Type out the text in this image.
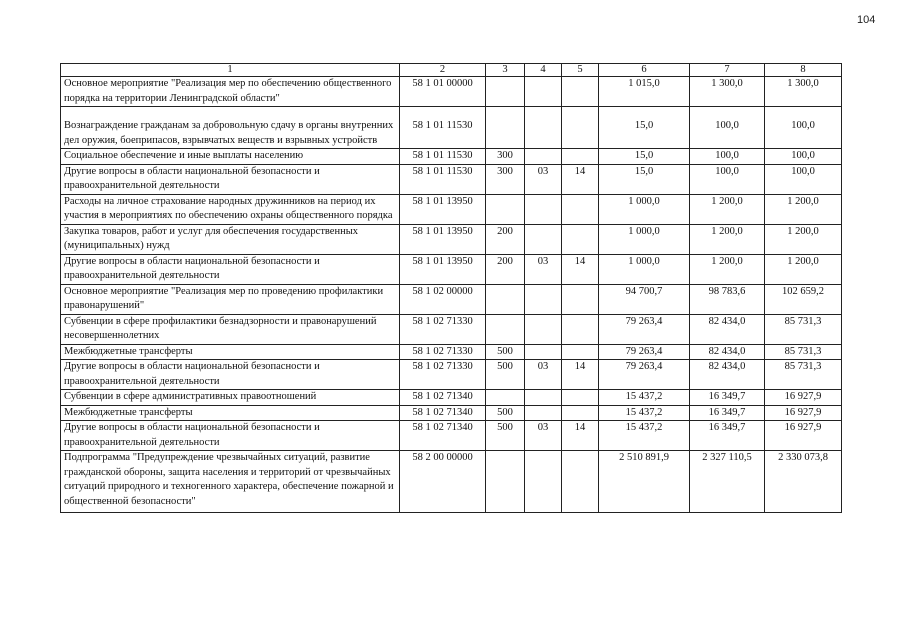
104
1	2	3	4	5	6	7	8
Основное мероприятие "Реализация мер по обеспечению общественного порядка на территории Ленинградской области"	58 1 01 00000				1 015,0	1 300,0	1 300,0
Вознаграждение гражданам за добровольную сдачу в органы внутренних дел оружия, боеприпасов, взрывчатых веществ и взрывных устройств	58 1 01 11530				15,0	100,0	100,0
Социальное обеспечение и иные выплаты населению	58 1 01 11530	300			15,0	100,0	100,0
Другие вопросы в области национальной безопасности и правоохранительной деятельности	58 1 01 11530	300	03	14	15,0	100,0	100,0
Расходы на личное страхование народных дружинников на период их участия в мероприятиях по обеспечению охраны общественного порядка	58 1 01 13950				1 000,0	1 200,0	1 200,0
Закупка товаров, работ и услуг для обеспечения государственных (муниципальных) нужд	58 1 01 13950	200			1 000,0	1 200,0	1 200,0
Другие вопросы в области национальной безопасности и правоохранительной деятельности	58 1 01 13950	200	03	14	1 000,0	1 200,0	1 200,0
Основное мероприятие "Реализация мер по проведению профилактики правонарушений"	58 1 02 00000				94 700,7	98 783,6	102 659,2
Субвенции в сфере профилактики безнадзорности и правонарушений несовершеннолетних	58 1 02 71330				79 263,4	82 434,0	85 731,3
Межбюджетные трансферты	58 1 02 71330	500			79 263,4	82 434,0	85 731,3
Другие вопросы в области национальной безопасности и правоохранительной деятельности	58 1 02 71330	500	03	14	79 263,4	82 434,0	85 731,3
Субвенции в сфере административных правоотношений	58 1 02 71340				15 437,2	16 349,7	16 927,9
Межбюджетные трансферты	58 1 02 71340	500			15 437,2	16 349,7	16 927,9
Другие вопросы в области национальной безопасности и правоохранительной деятельности	58 1 02 71340	500	03	14	15 437,2	16 349,7	16 927,9
Подпрограмма "Предупреждение чрезвычайных ситуаций, развитие гражданской обороны, защита населения и территорий от чрезвычайных ситуаций природного и техногенного характера, обеспечение пожарной и общественной безопасности"	58 2 00 00000				2 510 891,9	2 327 110,5	2 330 073,8
